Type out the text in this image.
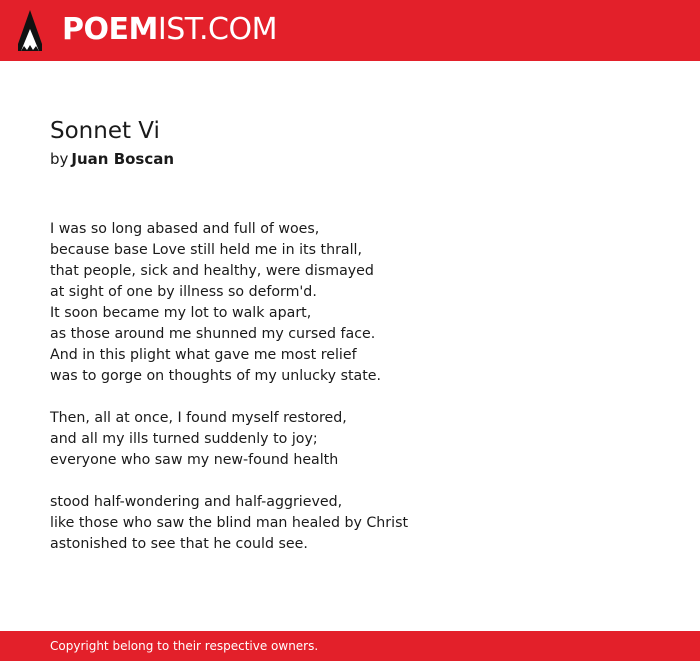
POEMIST.COM
Sonnet Vi
by Juan Boscan
I was so long abased and full of woes,
because base Love still held me in its thrall,
that people, sick and healthy, were dismayed
at sight of one by illness so deform'd.
It soon became my lot to walk apart,
as those around me shunned my cursed face.
And in this plight what gave me most relief
was to gorge on thoughts of my unlucky state.
Then, all at once, I found myself restored,
and all my ills turned suddenly to joy;
everyone who saw my new-found health
stood half-wondering and half-aggrieved,
like those who saw the blind man healed by Christ
astonished to see that he could see.
Copyright belong to their respective owners.
